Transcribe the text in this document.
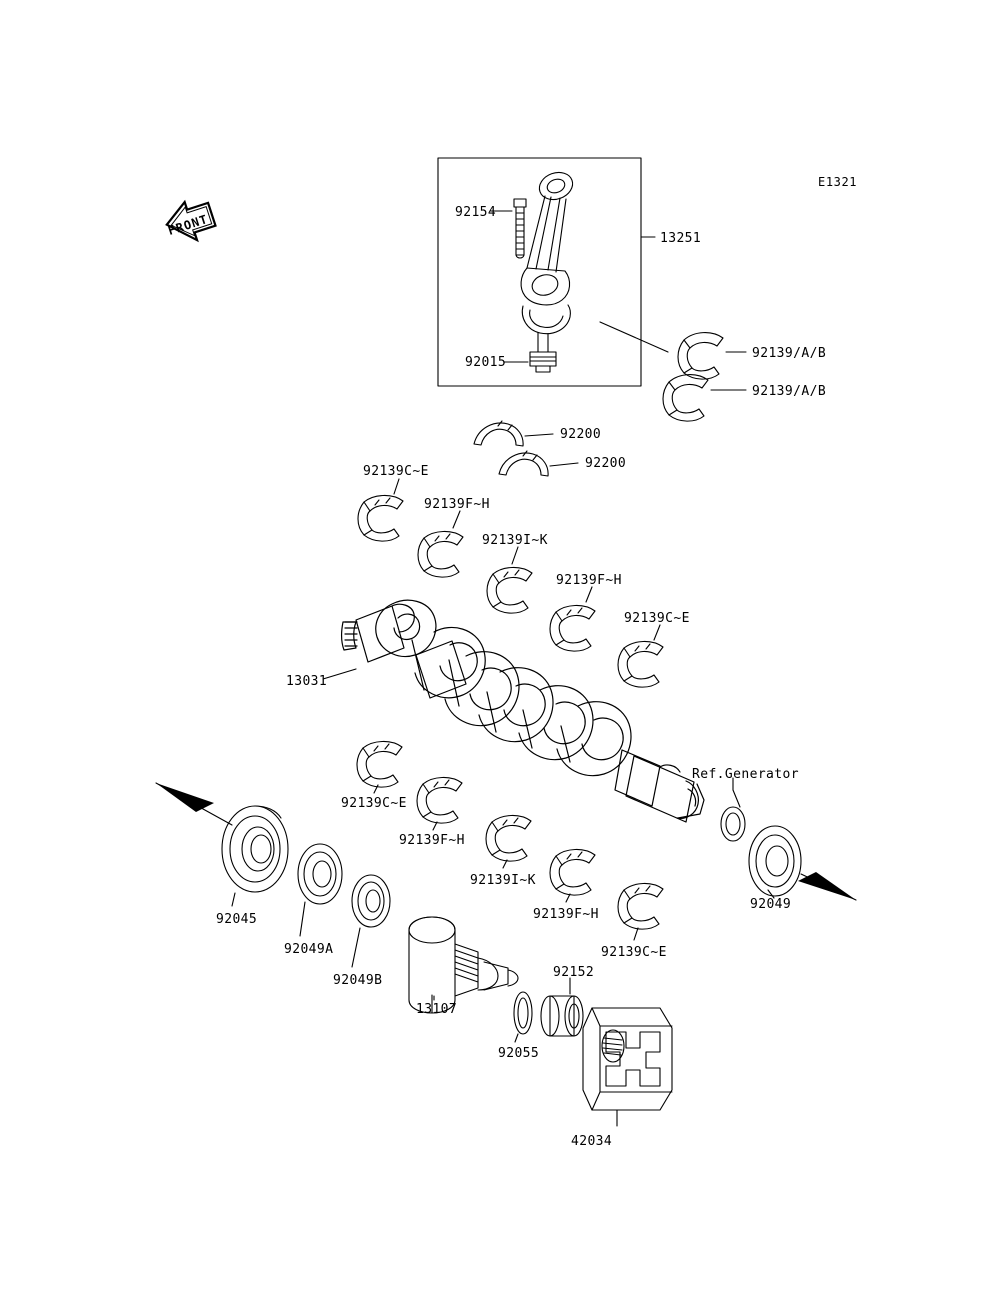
FRONT
E1321
92154
13251
92015
92139/A/B
92139/A/B
92200
92200
92139C~E
92139F~H
92139I~K
92139F~H
92139C~E
13031
Ref.Generator
92139C~E
92139F~H
92139I~K
92139F~H
92139C~E
92045
92049A
92049B
92049
13107
92152
92055
42034
